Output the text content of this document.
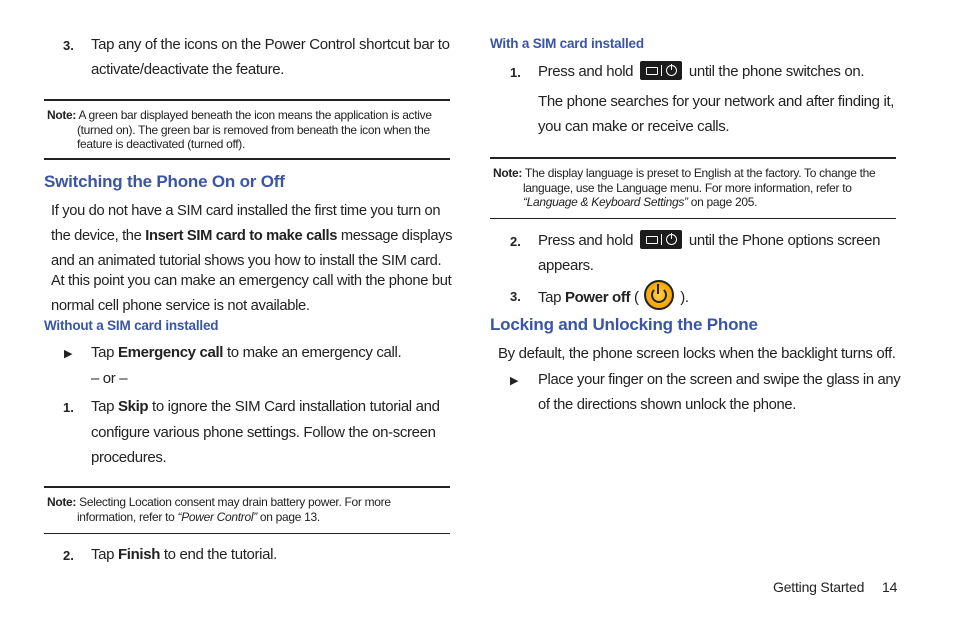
3.	Tap any of the icons on the Power Control shortcut bar to
activate/deactivate the feature.
Note: A green bar displayed beneath the icon means the application is active
(turned on). The green bar is removed from beneath the icon when the
feature is deactivated (turned off).
Switching the Phone On or Off
If you do not have a SIM card installed the first time you turn on
the device, the Insert SIM card to make calls message displays
and an animated tutorial shows you how to install the SIM card.
At this point you can make an emergency call with the phone but
normal cell phone service is not available.
Without a SIM card installed
▶ Tap Emergency call to make an emergency call.
– or –
1.	Tap Skip to ignore the SIM Card installation tutorial and
configure various phone settings. Follow the on-screen
procedures.
Note: Selecting Location consent may drain battery power. For more
information, refer to “Power Control” on page 13.
2.	Tap Finish to end the tutorial.
With a SIM card installed
1.	Press and hold	until the phone switches on.
The phone searches for your network and after finding it,
you can make or receive calls.
Note: The display language is preset to English at the factory. To change the
language, use the Language menu. For more information, refer to
“Language & Keyboard Settings” on page 205.
2.	Press and hold	until the Phone options screen
appears.
3.	Tap Power off (	).
Locking and Unlocking the Phone
By default, the phone screen locks when the backlight turns off.
▶ Place your finger on the screen and swipe the glass in any
of the directions shown unlock the phone.
Getting Started 14
